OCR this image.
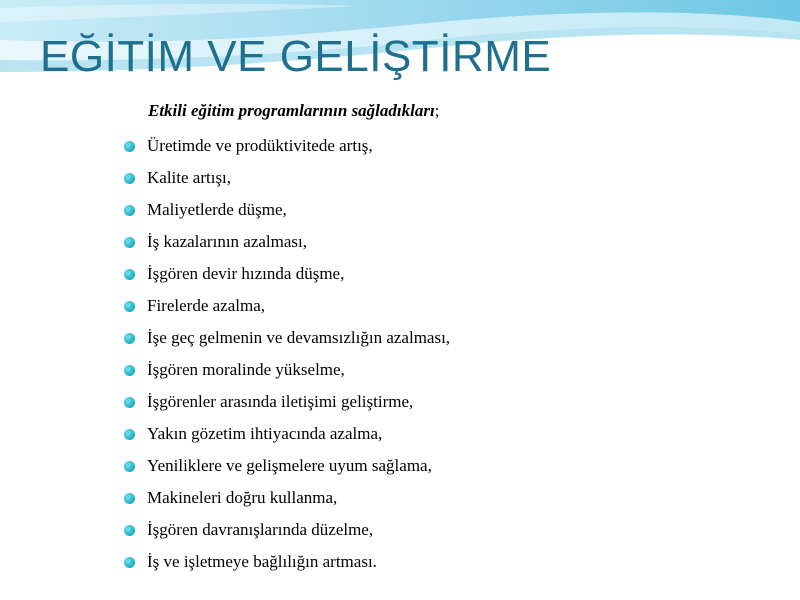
EĞİTİM VE GELİŞTİRME
Etkili eğitim programlarının sağladıkları;
Üretimde ve prodüktivitede artış,
Kalite artışı,
Maliyetlerde düşme,
İş kazalarının azalması,
İşgören devir hızında düşme,
Firelerde azalma,
İşe geç gelmenin ve devamsızlığın azalması,
İşgören moralinde yükselme,
İşgörenler arasında iletişimi geliştirme,
Yakın gözetim ihtiyacında azalma,
Yeniliklere ve gelişmelere uyum sağlama,
Makineleri doğru kullanma,
İşgören davranışlarında düzelme,
İş ve işletmeye bağlılığın artması.
